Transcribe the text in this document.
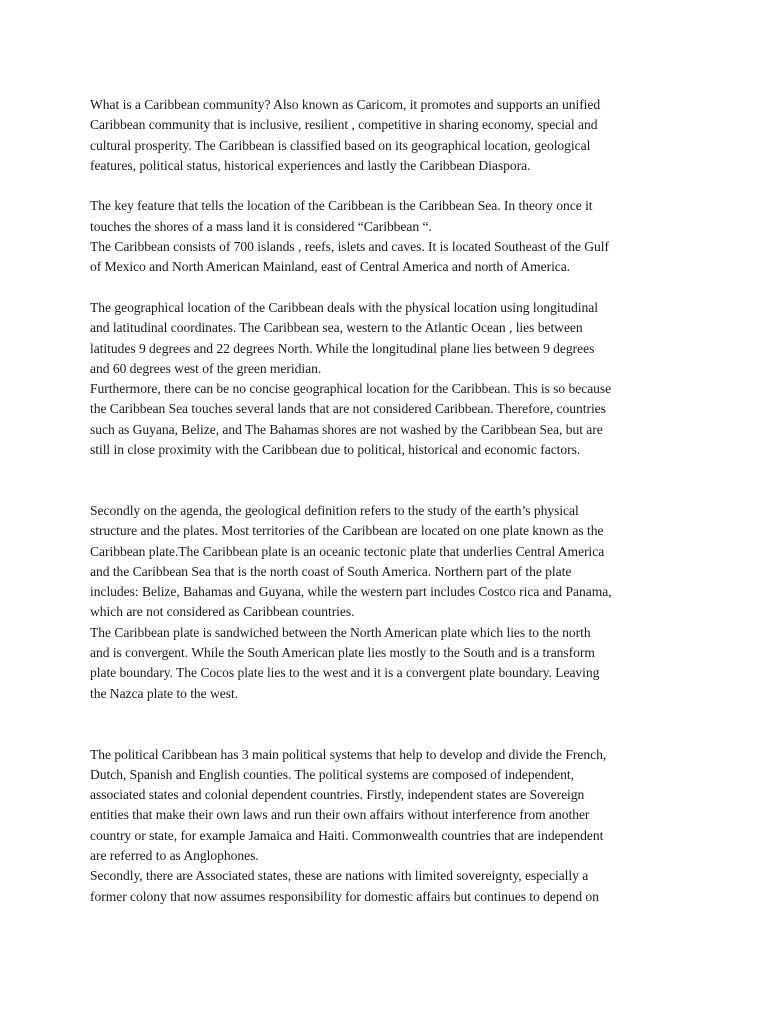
What is a Caribbean community? Also known as Caricom, it promotes and supports an unified
Caribbean community that is inclusive, resilient , competitive in sharing economy, special and
cultural prosperity. The Caribbean is classified based on its geographical location, geological
features, political status, historical experiences and lastly the Caribbean Diaspora.

The key feature that tells the location of the Caribbean is the Caribbean Sea. In theory once it
touches the shores of a mass land it is considered “Caribbean “.
The Caribbean consists of 700 islands , reefs, islets and caves. It is located Southeast of the Gulf
of Mexico and North American Mainland, east of Central America and north of America.

The geographical location of the Caribbean deals with the physical location using longitudinal
and latitudinal coordinates. The Caribbean sea, western to the Atlantic Ocean , lies between
latitudes 9 degrees and 22 degrees North. While the longitudinal plane lies between 9 degrees
and 60 degrees west of the green meridian.
Furthermore, there can be no concise geographical location for the Caribbean. This is so because
the Caribbean Sea touches several lands that are not considered Caribbean. Therefore, countries
such as Guyana, Belize, and The Bahamas shores are not washed by the Caribbean Sea, but are
still in close proximity with the Caribbean due to political, historical and economic factors.

Secondly on the agenda, the geological definition refers to the study of the earth’s physical
structure and the plates. Most territories of the Caribbean are located on one plate known as the
Caribbean plate.The Caribbean plate is an oceanic tectonic plate that underlies Central America
and the Caribbean Sea that is the north coast of South America. Northern part of the plate
includes: Belize, Bahamas and Guyana, while the western part includes Costco rica and Panama,
which are not considered as Caribbean countries.
The Caribbean plate is sandwiched between the North American plate which lies to the north
and is convergent. While the South American plate lies mostly to the South and is a transform
plate boundary. The Cocos plate lies to the west and it is a convergent plate boundary. Leaving
the Nazca plate to the west.

The political Caribbean has 3 main political systems that help to develop and divide the French,
Dutch, Spanish and English counties. The political systems are composed of independent,
associated states and colonial dependent countries. Firstly, independent states are Sovereign
entities that make their own laws and run their own affairs without interference from another
country or state, for example Jamaica and Haiti. Commonwealth countries that are independent
are referred to as Anglophones.
Secondly, there are Associated states, these are nations with limited sovereignty, especially a
former colony that now assumes responsibility for domestic affairs but continues to depend on
